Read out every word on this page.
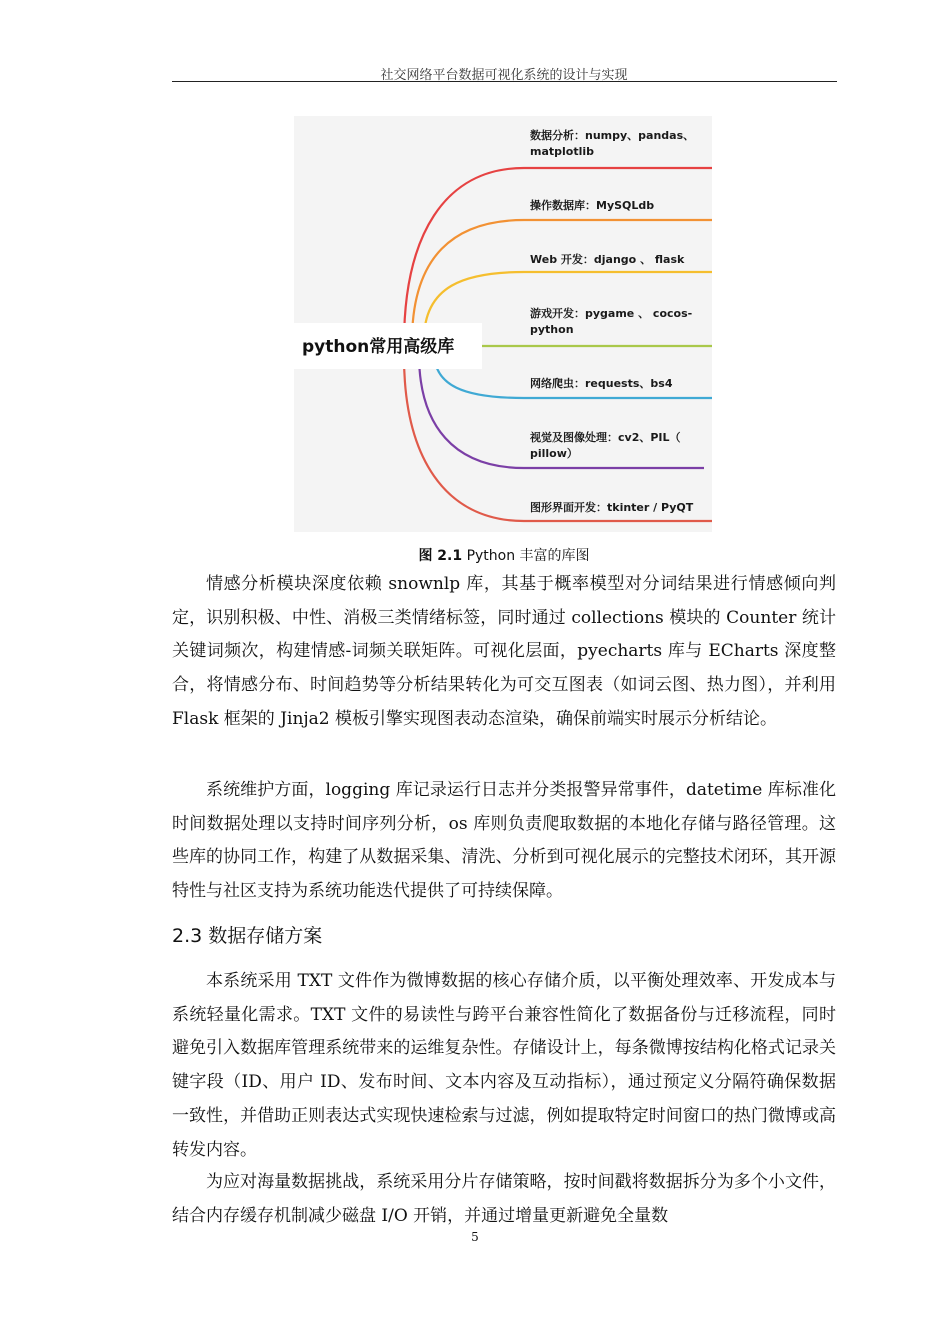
社交网络平台数据可视化系统的设计与实现
python常用高级库
数据分析：numpy、pandas、
matplotlib
操作数据库：MySQLdb
Web 开发：django 、 flask
游戏开发：pygame 、 cocos-
python
网络爬虫：requests、bs4
视觉及图像处理：cv2、PIL（
pillow）
图形界面开发：tkinter / PyQT
图 2.1 Python 丰富的库图

情感分析模块深度依赖 snownlp 库，其基于概率模型对分词结果进行情感倾向判定，识别积极、中性、消极三类情绪标签，同时通过 collections 模块的 Counter 统计关键词频次，构建情感-词频关联矩阵。可视化层面，pyecharts 库与 ECharts 深度整合，将情感分布、时间趋势等分析结果转化为可交互图表（如词云图、热力图），并利用 Flask 框架的 Jinja2 模板引擎实现图表动态渲染，确保前端实时展示分析结论。

系统维护方面，logging 库记录运行日志并分类报警异常事件，datetime 库标准化时间数据处理以支持时间序列分析，os 库则负责爬取数据的本地化存储与路径管理。这些库的协同工作，构建了从数据采集、清洗、分析到可视化展示的完整技术闭环，其开源特性与社区支持为系统功能迭代提供了可持续保障。

2.3 数据存储方案

本系统采用 TXT 文件作为微博数据的核心存储介质，以平衡处理效率、开发成本与系统轻量化需求。TXT 文件的易读性与跨平台兼容性简化了数据备份与迁移流程，同时避免引入数据库管理系统带来的运维复杂性。存储设计上，每条微博按结构化格式记录关键字段（ID、用户 ID、发布时间、文本内容及互动指标），通过预定义分隔符确保数据一致性，并借助正则表达式实现快速检索与过滤，例如提取特定时间窗口的热门微博或高转发内容。

为应对海量数据挑战，系统采用分片存储策略，按时间戳将数据拆分为多个小文件，结合内存缓存机制减少磁盘 I/O 开销，并通过增量更新避免全量数

5
